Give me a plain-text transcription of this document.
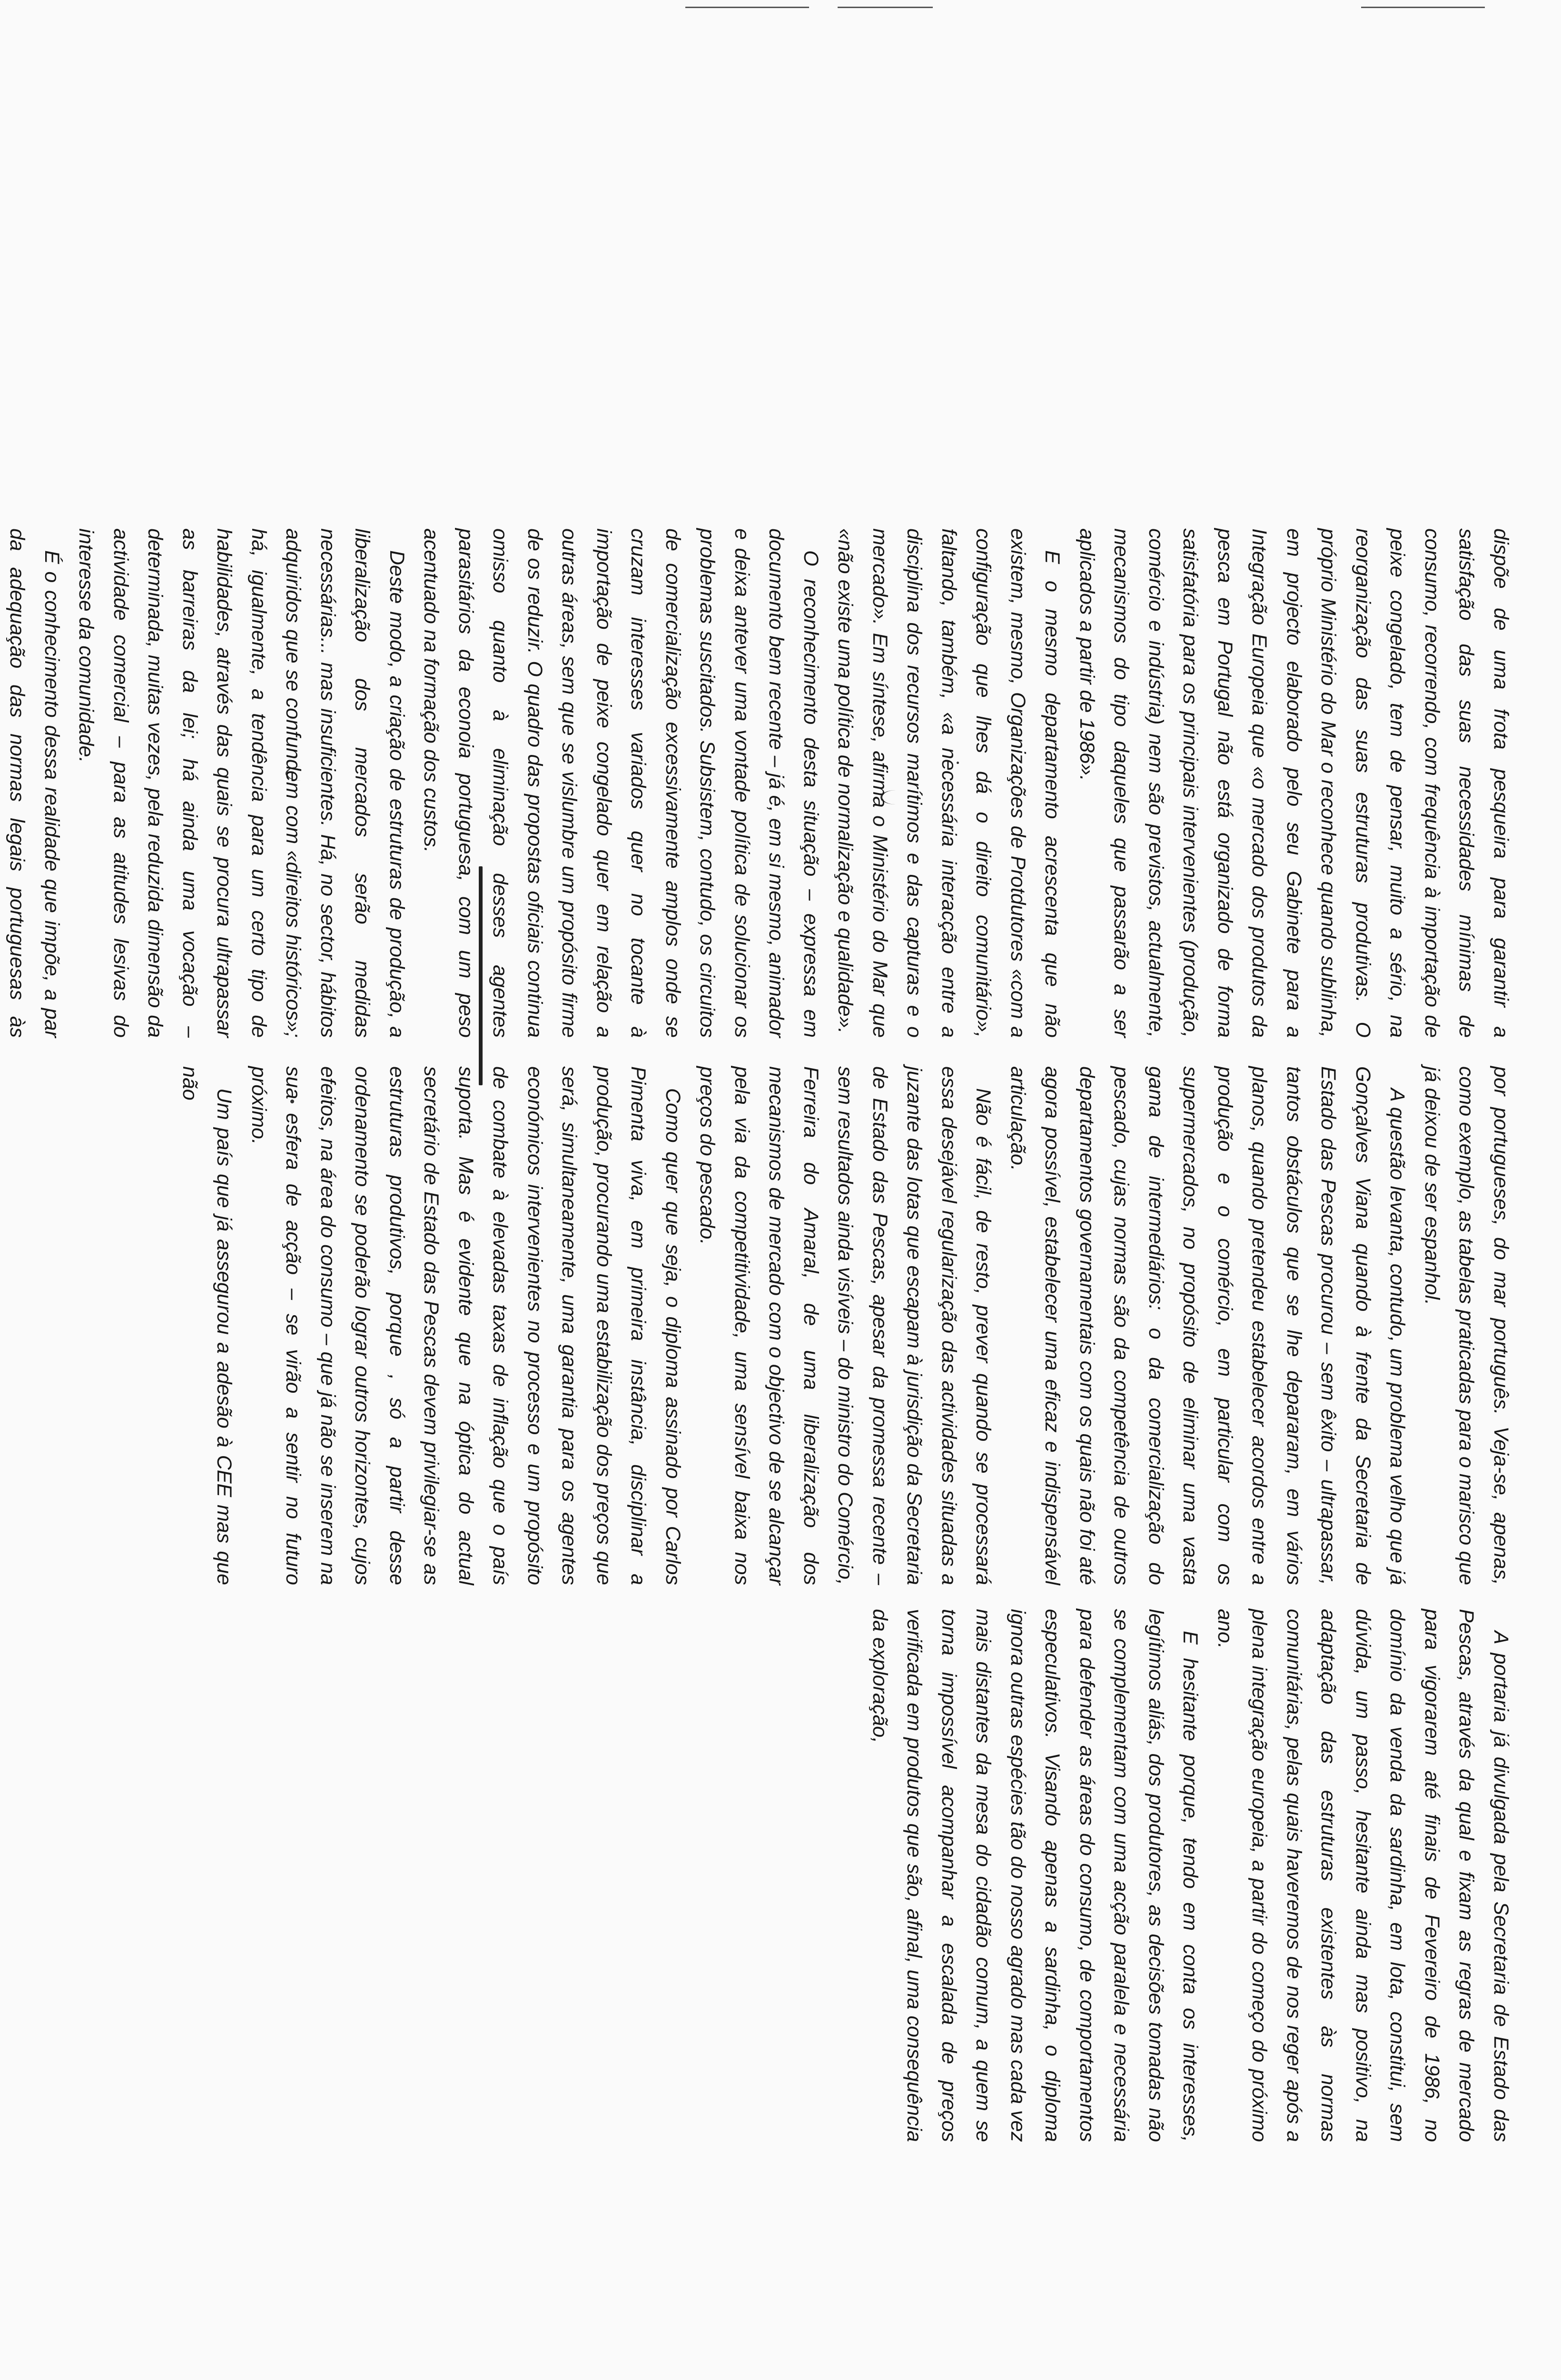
dispõe de uma frota pesqueira para garantir a satisfação das suas necessidades mínimas de consumo, recorrendo, com frequência à importação de peixe congelado, tem de pensar, muito a sério, na reorganização das suas estruturas produtivas. O próprio Ministério do Mar o reconhece quando sublinha, em projecto elaborado pelo seu Gabinete para a Integração Europeia que «o mercado dos produtos da pesca em Portugal não está organizado de forma satisfatória para os principais intervenientes (produção, comércio e indústria) nem são previstos, actualmente, mecanismos do tipo daqueles que passarão a ser aplicados a partir de 1986».

E o mesmo departamento acrescenta que não existem, mesmo, Organizações de Protdutores «com a configuração que lhes dá o direito comunitário», faltando, também, «a necessária interacção entre a disciplina dos recursos marítimos e das capturas e o mercado». Em síntese, afirma o Ministério do Mar que «não existe uma política de normalização e qualidade».

O reconhecimento desta situação – expressa em documento bem recente – já é, em si mesmo, animador e deixa antever uma vontade política de solucionar os problemas suscitados. Subsistem, contudo, os circuitos de comercialização excessivamente amplos onde se cruzam interesses variados quer no tocante à importação de peixe congelado quer em relação a outras áreas, sem que se vislumbre um propósito firme de os reduzir. O quadro das propostas oficiais continua omisso quanto à eliminação desses agentes parasitários da econoia portuguesa, com um peso acentuado na formação dos custos.

Deste modo, a criação de estruturas de produção, a liberalização dos mercados serão medidas necessárias... mas insuficientes. Há, no sector, hábitos adquiridos que se confundem com «direitos históricos»; há, igualmente, a tendência para um certo tipo de habilidades, através das quais se procura ultrapassar as barreiras da lei; há ainda uma vocação – determinada, muitas vezes, pela reduzida dimensão da actividade comercial – para as atitudes lesivas do interesse da comunidade.

É o conhecimento dessa realidade que impõe, a par da adequação das normas legais portuguesas às

por portugueses, do mar português. Veja-se, apenas, como exemplo, as tabelas praticadas para o marisco que já deixou de ser espanhol.

A questão levanta, contudo, um problema velho que já Gonçalves Viana quando à frente da Secretaria de Estado das Pescas procurou – sem êxito – ultrapassar, tantos obstáculos que se lhe depararam, em vários planos, quando pretendeu estabelecer acordos entre a produção e o comércio, em particular com os supermercados, no propósito de eliminar uma vasta gama de intermediários: o da comercialização do pescado, cujas normas são da competência de outros departamentos governamentais com os quais não foi até agora possível, estabelecer uma eficaz e indispensável articulação.

Não é fácil, de resto, prever quando se processará essa desejável regularização das actividades situadas a juzante das lotas que escapam à jurisdição da Secretaria de Estado das Pescas, apesar da promessa recente – sem resultados ainda visíveis – do ministro do Comércio, Ferreira do Amaral, de uma liberalização dos mecanismos de mercado com o objectivo de se alcançar pela via da competitividade, uma sensível baixa nos preços do pescado.

Como quer que seja, o diploma assinado por Carlos Pimenta viva, em primeira instância, disciplinar a produção, procurando uma estabilização dos preços que será, simultaneamente, uma garantia para os agentes económicos intervenientes no processo e um propósito de combate à elevadas taxas de inflação que o país suporta. Mas é evidente que na óptica do actual secretário de Estado das Pescas devem privilegiar-se as estruturas produtivos, porque , só a partir desse ordenamento se poderão lograr outros horizontes, cujos efeitos, na área do consumo – que já não se inserem na sua esfera de acção – se virão a sentir no futuro próximo.

Um país que já assegurou a adesão à CEE mas que não

A portaria já divulgada pela Secretaria de Estado das Pescas, através da qual e fixam as regras de mercado para vigorarem até finais de Fevereiro de 1986, no domínio da venda da sardinha, em lota, constitui, sem dúvida, um passo, hesitante ainda mas positivo, na adaptação das estruturas existentes às normas comunitárias, pelas quais haveremos de nos reger após a plena integração europeia, a partir do começo do próximo ano.

E hesitante porque, tendo em conta os interesses, legítimos aliás, dos produtores, as decisões tomadas não se complementam com uma acção paralela e necessária para defender as áreas do consumo, de comportamentos especulativos. Visando apenas a sardinha, o diploma ignora outras espécies tão do nosso agrado mas cada vez mais distantes da mesa do cidadão comum, a quem se torna impossível acompanhar a escalada de preços verificada em produtos que são, afinal, uma consequência da exploração,
